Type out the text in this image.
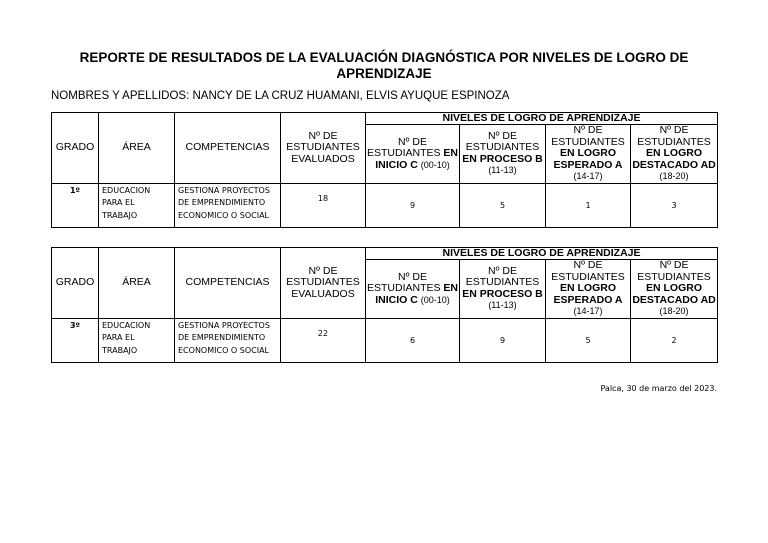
REPORTE DE RESULTADOS DE LA EVALUACIÓN DIAGNÓSTICA POR NIVELES DE LOGRO DE APRENDIZAJE
NOMBRES Y APELLIDOS: NANCY DE LA CRUZ HUAMANI, ELVIS AYUQUE ESPINOZA
GRADO	ÁREA	COMPETENCIAS	Nº DE ESTUDIANTES EVALUADOS	NIVELES DE LOGRO DE APRENDIZAJE			
				Nº DE ESTUDIANTES EN INICIO C (00-10)	Nº DE ESTUDIANTES EN PROCESO B (11-13)	Nº DE ESTUDIANTES EN LOGRO ESPERADO A (14-17)	Nº DE ESTUDIANTES EN LOGRO DESTACADO AD (18-20)
1º	EDUCACION PARA EL TRABAJO	GESTIONA PROYECTOS DE EMPRENDIMIENTO ECONOMICO O SOCIAL	18	9	5	1	3
GRADO	ÁREA	COMPETENCIAS	Nº DE ESTUDIANTES EVALUADOS	NIVELES DE LOGRO DE APRENDIZAJE			
				Nº DE ESTUDIANTES EN INICIO C (00-10)	Nº DE ESTUDIANTES EN PROCESO B (11-13)	Nº DE ESTUDIANTES EN LOGRO ESPERADO A (14-17)	Nº DE ESTUDIANTES EN LOGRO DESTACADO AD (18-20)
3º	EDUCACION PARA EL TRABAJO	GESTIONA PROYECTOS DE EMPRENDIMIENTO ECONOMICO O SOCIAL	22	6	9	5	2
Palca, 30 de marzo del 2023.
